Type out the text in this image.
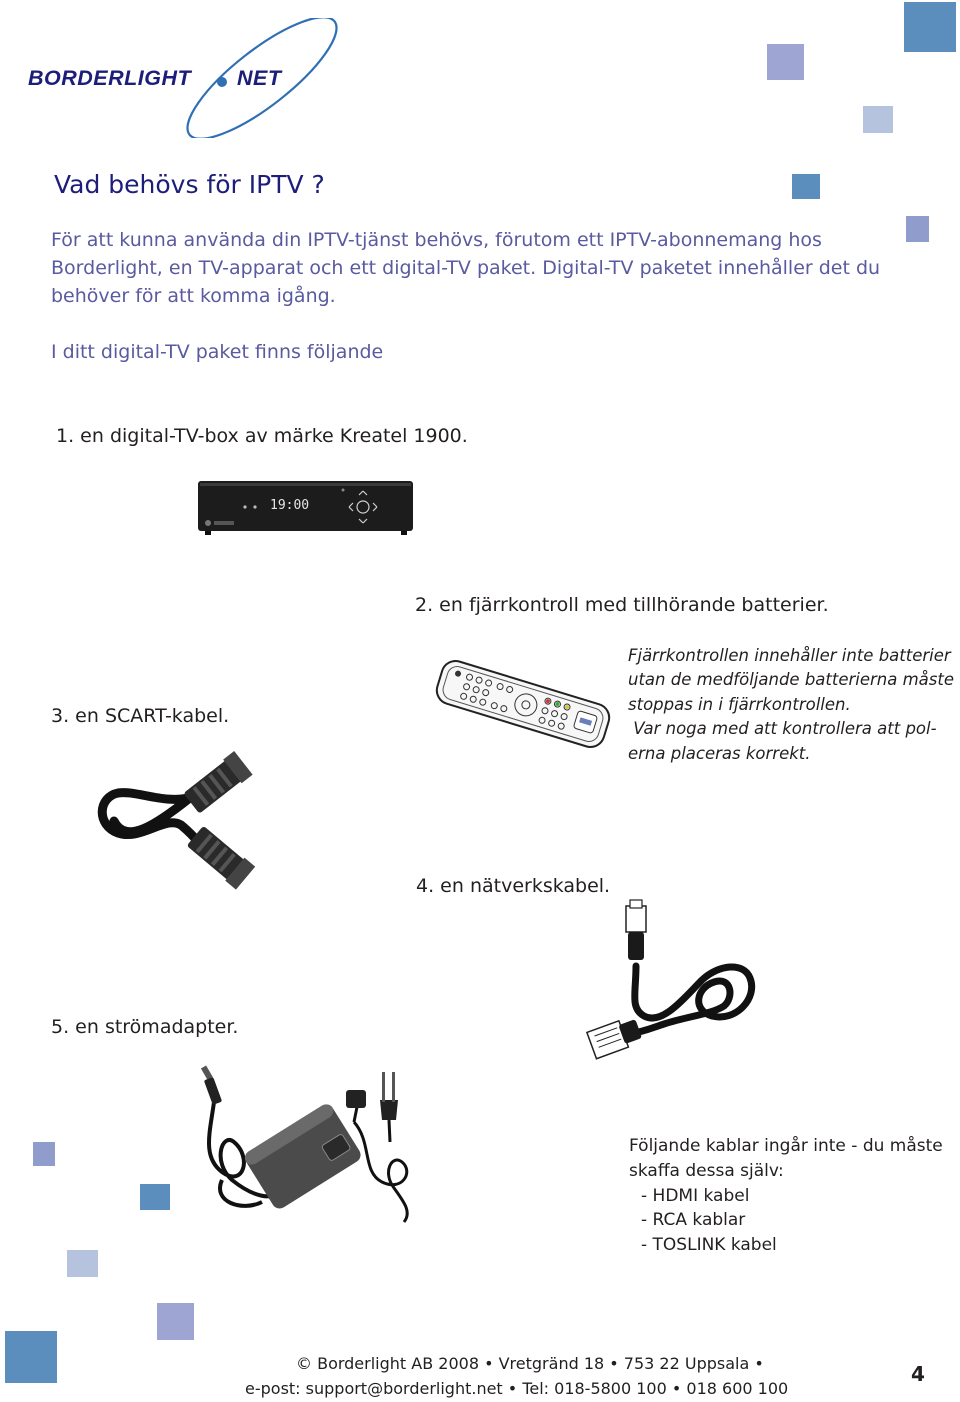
BORDERLIGHT NET
Vad behövs för IPTV ?
För att kunna använda din IPTV-tjänst behövs, förutom ett IPTV-abonnemang hos
Borderlight, en TV-apparat och ett digital-TV paket. Digital-TV paketet innehåller det du
behöver för att komma igång.
I ditt digital-TV paket finns följande
1. en digital-TV-box av märke Kreatel 1900.
19:00
2. en fjärrkontroll med tillhörande batterier.
Fjärrkontrollen innehåller inte batterier
utan de medföljande batterierna måste
stoppas in i fjärrkontrollen.
Var noga med att kontrollera att pol-
erna placeras korrekt.
3. en SCART-kabel.
4. en nätverkskabel.
5. en strömadapter.
Följande kablar ingår inte - du måste
skaffa dessa själv:
- HDMI kabel
- RCA kablar
- TOSLINK kabel
© Borderlight AB 2008 • Vretgränd 18 • 753 22 Uppsala •
e-post: support@borderlight.net • Tel: 018-5800 100 • 018 600 100
4
